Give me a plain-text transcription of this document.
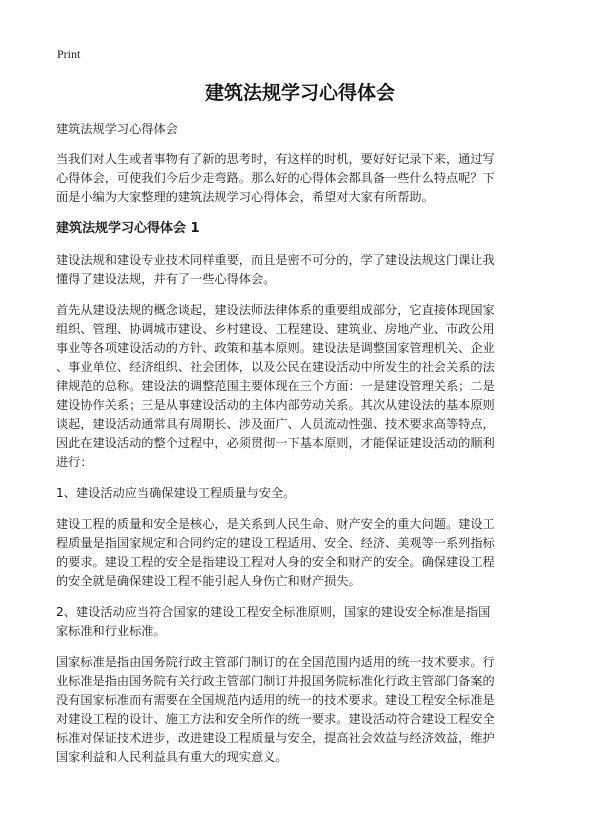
Print
建筑法规学习心得体会
建筑法规学习心得体会
当我们对人生或者事物有了新的思考时，有这样的时机，要好好记录下来，通过写
心得体会，可使我们今后少走弯路。那么好的心得体会都具备一些什么特点呢？下
面是小编为大家整理的建筑法规学习心得体会，希望对大家有所帮助。
建筑法规学习心得体会 1
建设法规和建设专业技术同样重要，而且是密不可分的，学了建设法规这门课让我
懂得了建设法规，并有了一些心得体会。
首先从建设法规的概念谈起，建设法师法律体系的重要组成部分，它直接体现国家
组织、管理、协调城市建设、乡村建设、工程建设、建筑业、房地产业、市政公用
事业等各项建设活动的方针、政策和基本原则。建设法是调整国家管理机关、企业
、事业单位、经济组织、社会团体，以及公民在建设活动中所发生的社会关系的法
律规范的总称。建设法的调整范围主要体现在三个方面：一是建设管理关系；二是
建设协作关系；三是从事建设活动的主体内部劳动关系。其次从建设法的基本原则
谈起，建设活动通常具有周期长、涉及面广、人员流动性强、技术要求高等特点，
因此在建设活动的整个过程中，必须贯彻一下基本原则，才能保证建设活动的顺利
进行：
1、建设活动应当确保建设工程质量与安全。
建设工程的质量和安全是核心，是关系到人民生命、财产安全的重大问题。建设工
程质量是指国家规定和合同约定的建设工程适用、安全、经济、美观等一系列指标
的要求。建设工程的安全是指建设工程对人身的安全和财产的安全。确保建设工程
的安全就是确保建设工程不能引起人身伤亡和财产损失。
2、建设活动应当符合国家的建设工程安全标准原则，国家的建设安全标准是指国
家标准和行业标准。
国家标准是指由国务院行政主管部门制订的在全国范围内适用的统一技术要求。行
业标准是指由国务院有关行政主管部门制订并报国务院标准化行政主管部门备案的
没有国家标准而有需要在全国规范内适用的统一的技术要求。建设工程安全标准是
对建设工程的设计、施工方法和安全所作的统一要求。建设活动符合建设工程安全
标准对保证技术进步，改进建设工程质量与安全，提高社会效益与经济效益，维护
国家利益和人民利益具有重大的现实意义。
